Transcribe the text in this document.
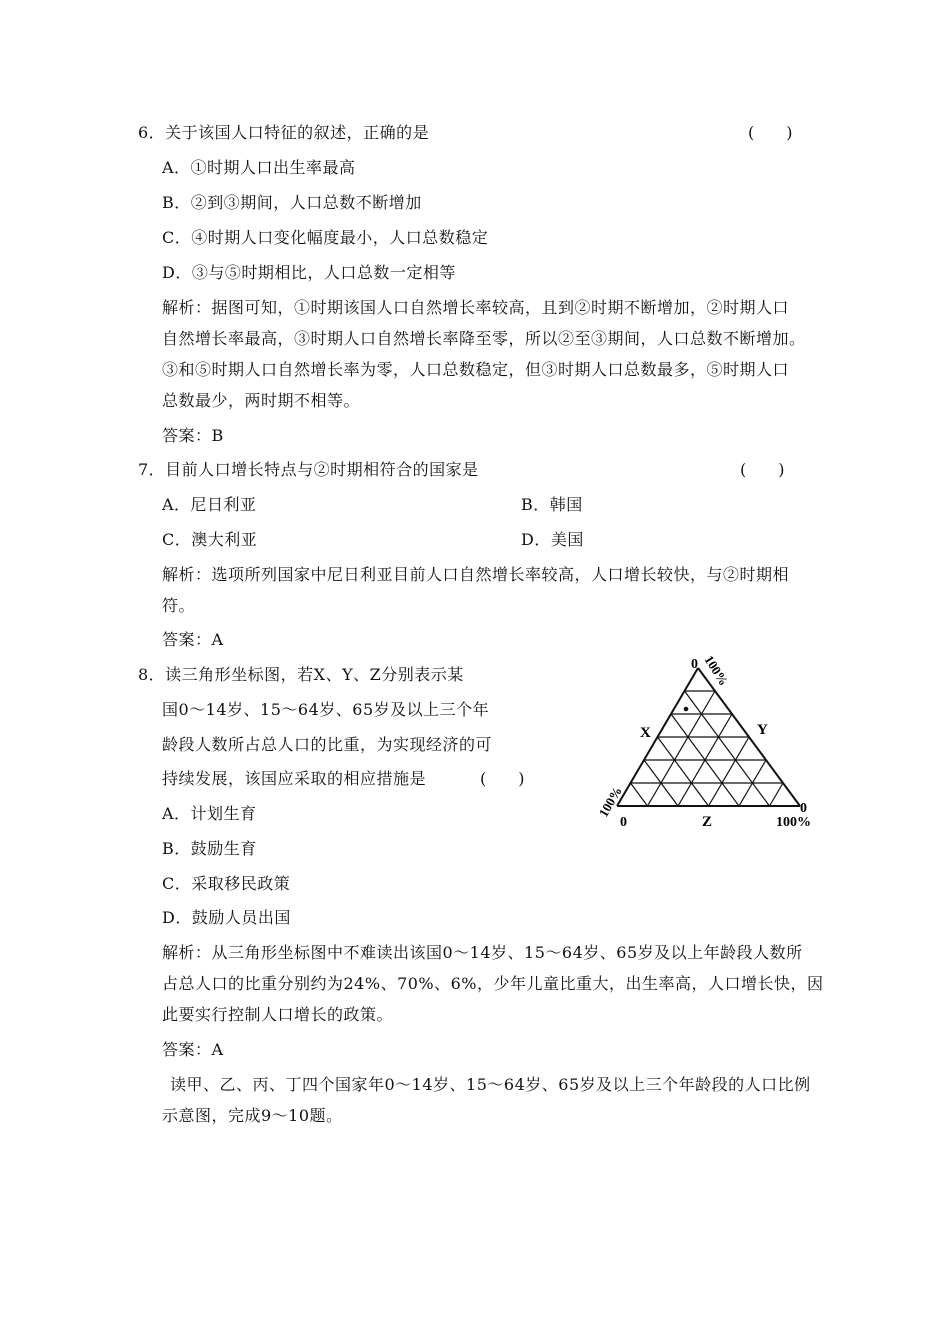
6．关于该国人口特征的叙述，正确的是	(　　)
A．①时期人口出生率最高
B．②到③期间，人口总数不断增加
C．④时期人口变化幅度最小，人口总数稳定
D．③与⑤时期相比，人口总数一定相等
解析：据图可知，①时期该国人口自然增长率较高，且到②时期不断增加，②时期人口
自然增长率最高，③时期人口自然增长率降至零，所以②至③期间，人口总数不断增加。
③和⑤时期人口自然增长率为零，人口总数稳定，但③时期人口总数最多，⑤时期人口
总数最少，两时期不相等。
答案：B
7．目前人口增长特点与②时期相符合的国家是	(　　)
A．尼日利亚	B．韩国
C．澳大利亚	D．美国
解析：选项所列国家中尼日利亚目前人口自然增长率较高，人口增长较快，与②时期相
符。
答案：A
8．读三角形坐标图，若X、Y、Z分别表示某
国0～14岁、15～64岁、65岁及以上三个年
龄段人数所占总人口的比重，为实现经济的可
持续发展，该国应采取的相应措施是	(　　)
A．计划生育
B．鼓励生育
C．采取移民政策
D．鼓励人员出国
解析：从三角形坐标图中不难读出该国0～14岁、15～64岁、65岁及以上年龄段人数所
占总人口的比重分别约为24%、70%、6%，少年儿童比重大，出生率高，人口增长快，因
此要实行控制人口增长的政策。
答案：A
读甲、乙、丙、丁四个国家年0～14岁、15～64岁、65岁及以上三个年龄段的人口比例
示意图，完成9～10题。
0 100%
X	Y
100%
0	Z
0
100%
